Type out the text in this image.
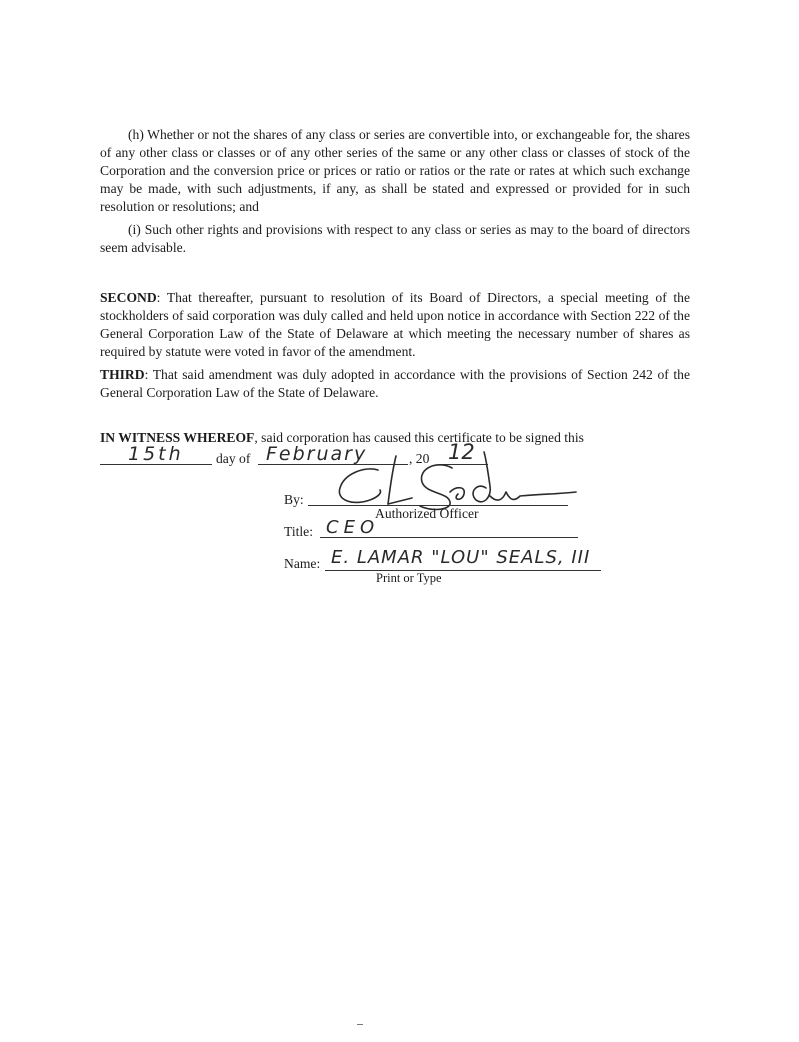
(h) Whether or not the shares of any class or series are convertible into, or exchangeable for, the shares of any other class or classes or of any other series of the same or any other class or classes of stock of the Corporation and the conversion price or prices or ratio or ratios or the rate or rates at which such exchange may be made, with such adjustments, if any, as shall be stated and expressed or provided for in such resolution or resolutions; and
(i) Such other rights and provisions with respect to any class or series as may to the board of directors seem advisable.
SECOND: That thereafter, pursuant to resolution of its Board of Directors, a special meeting of the stockholders of said corporation was duly called and held upon notice in accordance with Section 222 of the General Corporation Law of the State of Delaware at which meeting the necessary number of shares as required by statute were voted in favor of the amendment.
THIRD: That said amendment was duly adopted in accordance with the provisions of Section 242 of the General Corporation Law of the State of Delaware.
IN WITNESS WHEREOF, said corporation has caused this certificate to be signed this
15th day of February	, 20 12
By:
Authorized Officer
Title: CEO
Name: E. LAMAR "LOU" SEALS, III
Print or Type
